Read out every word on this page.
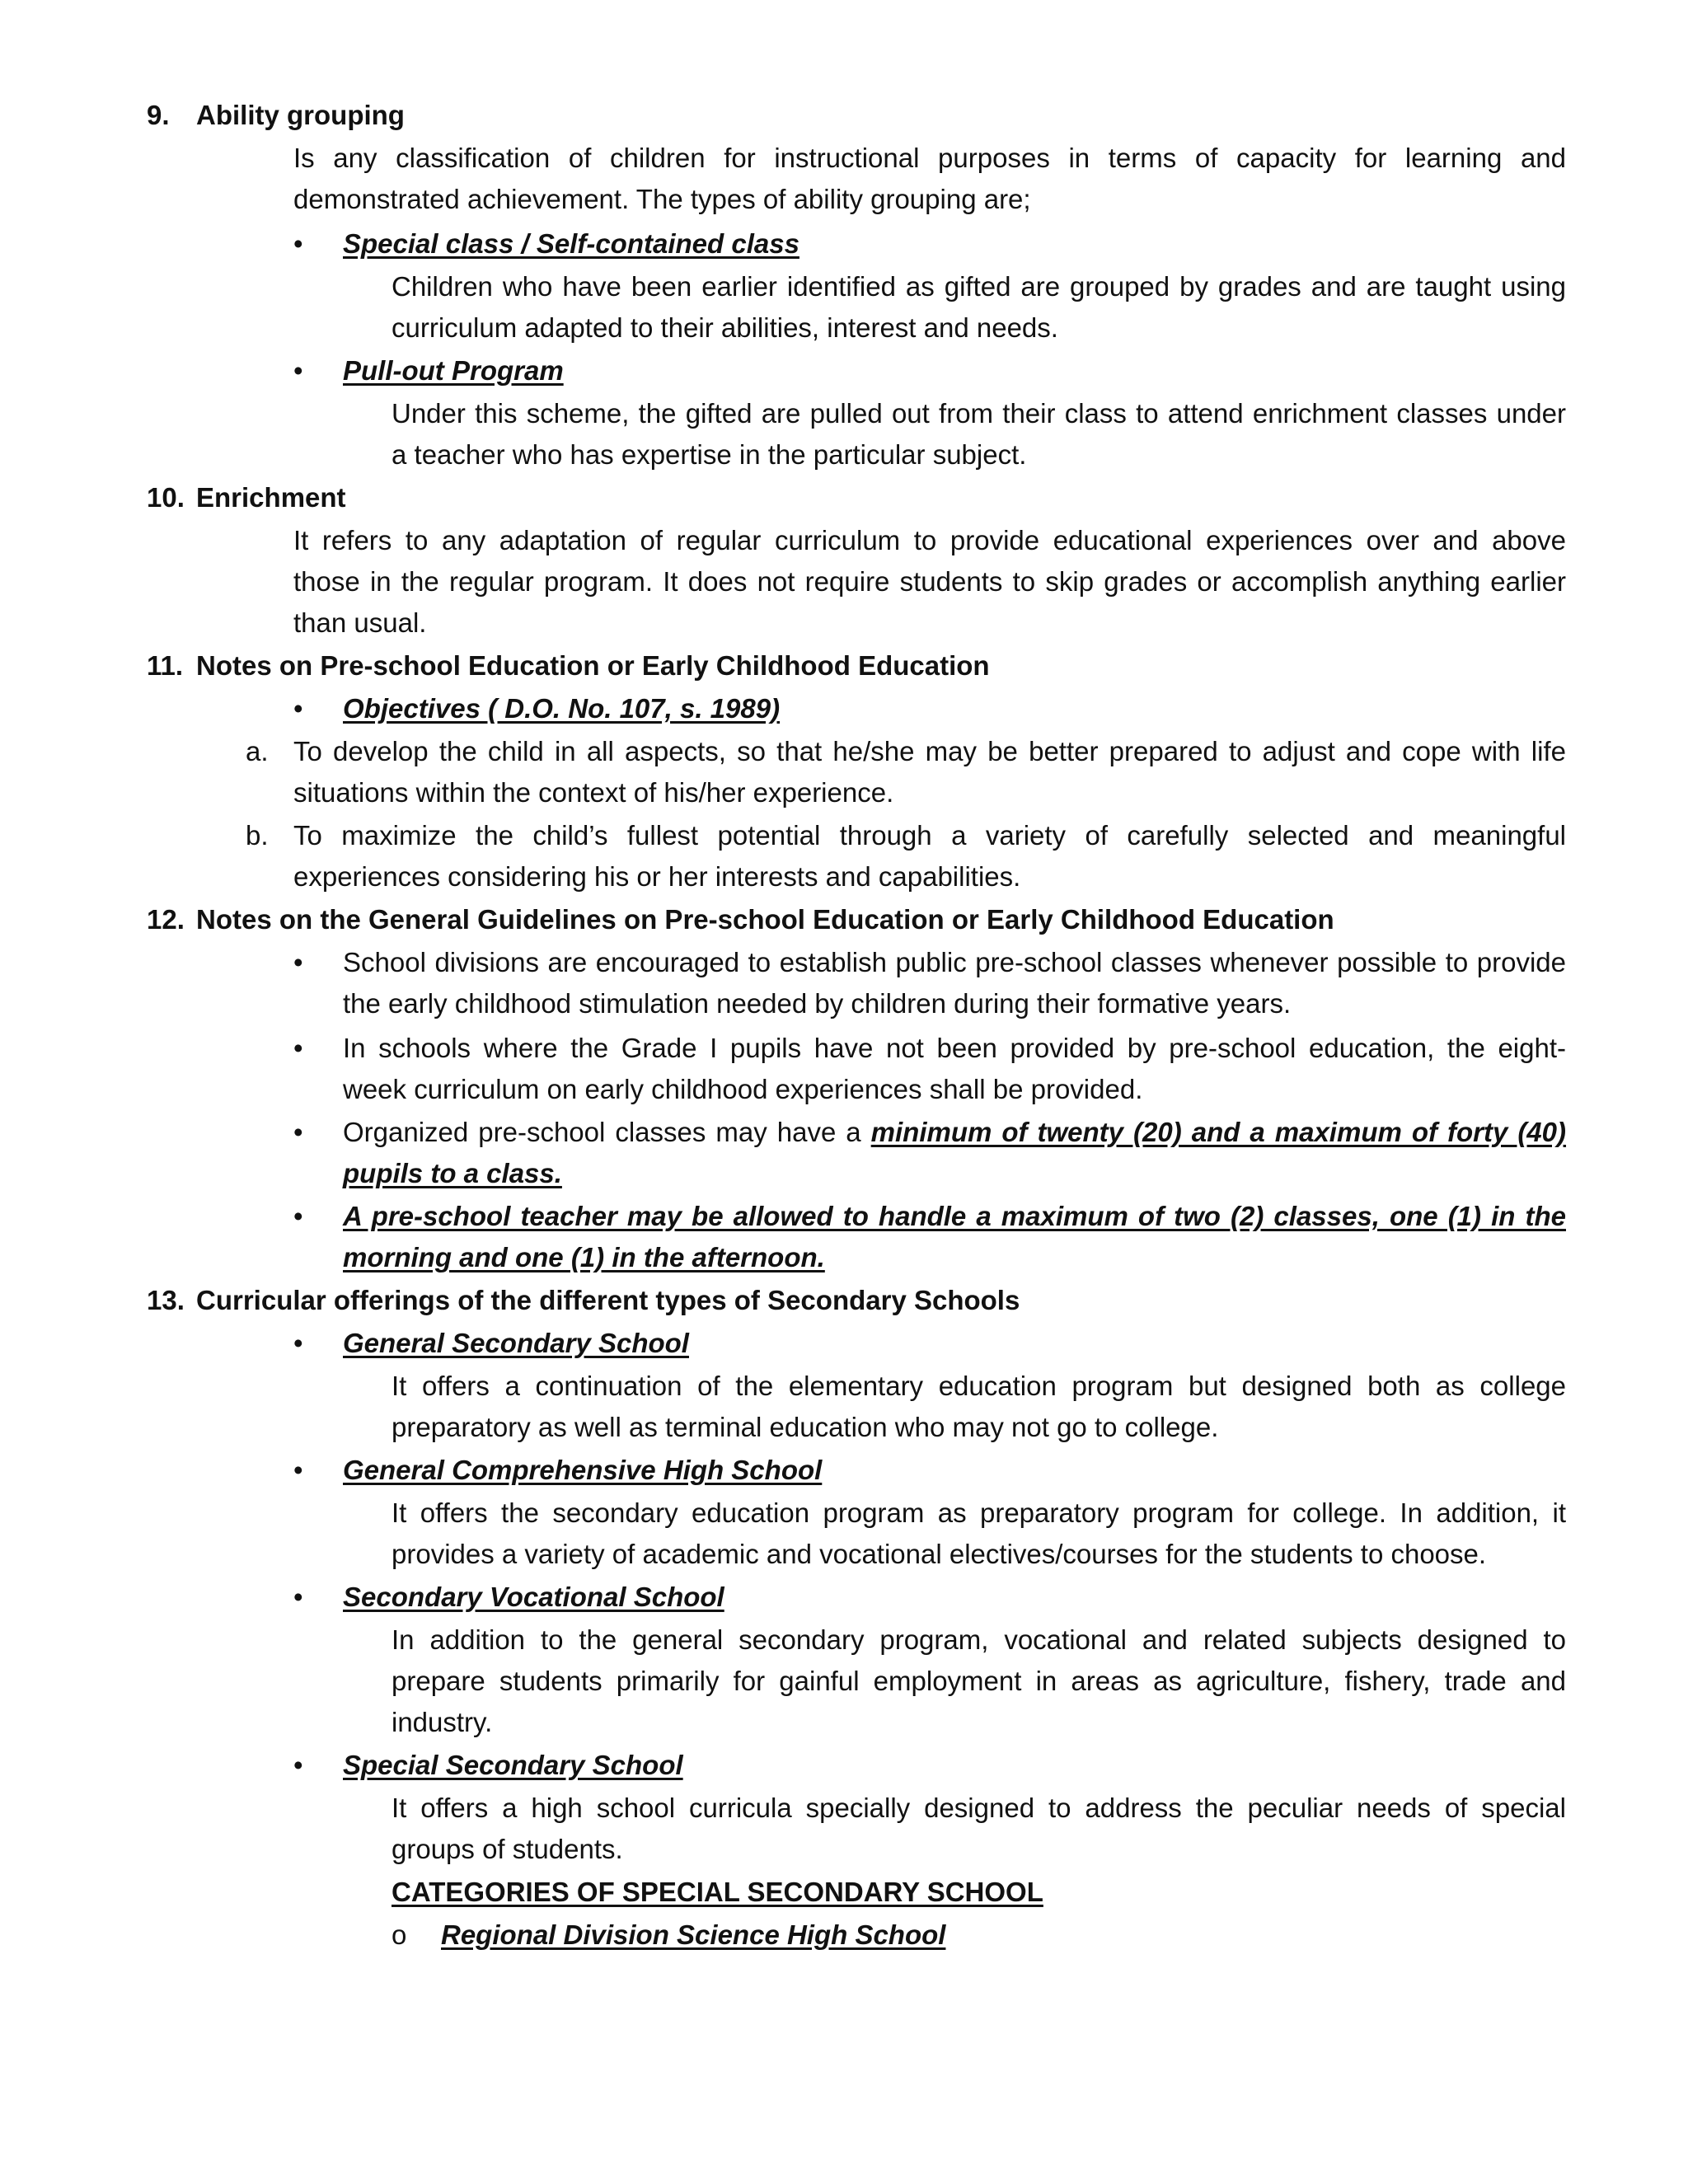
9. Ability grouping
Is any classification of children for instructional purposes in terms of capacity for learning and
demonstrated achievement. The types of ability grouping are;
• Special class / Self-contained class
Children who have been earlier identified as gifted are grouped by grades and are taught using
curriculum adapted to their abilities, interest and needs.
• Pull-out Program
Under this scheme, the gifted are pulled out from their class to attend enrichment classes under
a teacher who has expertise in the particular subject.
10. Enrichment
It refers to any adaptation of regular curriculum to provide educational experiences over and above
those in the regular program. It does not require students to skip grades or accomplish anything earlier
than usual.
11. Notes on Pre-school Education or Early Childhood Education
• Objectives ( D.O. No. 107, s. 1989)
a. To develop the child in all aspects, so that he/she may be better prepared to adjust and cope with life
situations within the context of his/her experience.
b. To maximize the child’s fullest potential through a variety of carefully selected and meaningful
experiences considering his or her interests and capabilities.
12. Notes on the General Guidelines on Pre-school Education or Early Childhood Education
• School divisions are encouraged to establish public pre-school classes whenever possible to provide
the early childhood stimulation needed by children during their formative years.
• In schools where the Grade I pupils have not been provided by pre-school education, the eight-
week curriculum on early childhood experiences shall be provided.
• Organized pre-school classes may have a minimum of twenty (20) and a maximum of forty (40)
pupils to a class.
• A pre-school teacher may be allowed to handle a maximum of two (2) classes, one (1) in the
morning and one (1) in the afternoon.
13. Curricular offerings of the different types of Secondary Schools
• General Secondary School
It offers a continuation of the elementary education program but designed both as college
preparatory as well as terminal education who may not go to college.
• General Comprehensive High School
It offers the secondary education program as preparatory program for college. In addition, it
provides a variety of academic and vocational electives/courses for the students to choose.
• Secondary Vocational School
In addition to the general secondary program, vocational and related subjects designed to
prepare students primarily for gainful employment in areas as agriculture, fishery, trade and
industry.
• Special Secondary School
It offers a high school curricula specially designed to address the peculiar needs of special
groups of students.
CATEGORIES OF SPECIAL SECONDARY SCHOOL
o Regional Division Science High School
